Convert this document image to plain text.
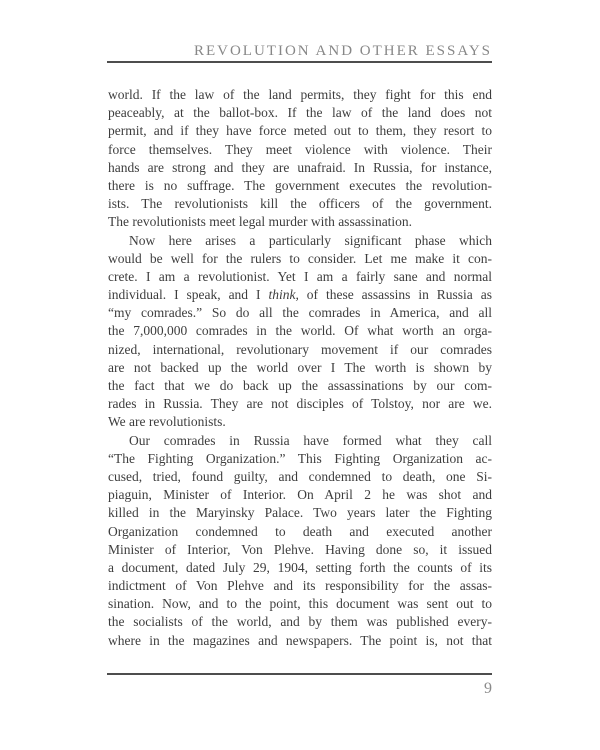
REVOLUTION AND OTHER ESSAYS
world. If the law of the land permits, they fight for this end
peaceably, at the ballot-box. If the law of the land does not
permit, and if they have force meted out to them, they resort to
force themselves. They meet violence with violence. Their
hands are strong and they are unafraid. In Russia, for instance,
there is no suffrage. The government executes the revolution-
ists. The revolutionists kill the officers of the government.
The revolutionists meet legal murder with assassination.
Now here arises a particularly significant phase which
would be well for the rulers to consider. Let me make it con-
crete. I am a revolutionist. Yet I am a fairly sane and normal
individual. I speak, and I think, of these assassins in Russia as
“my comrades.” So do all the comrades in America, and all
the 7,000,000 comrades in the world. Of what worth an orga-
nized, international, revolutionary movement if our comrades
are not backed up the world over I The worth is shown by
the fact that we do back up the assassinations by our com-
rades in Russia. They are not disciples of Tolstoy, nor are we.
We are revolutionists.
Our comrades in Russia have formed what they call
“The Fighting Organization.” This Fighting Organization ac-
cused, tried, found guilty, and condemned to death, one Si-
piaguin, Minister of Interior. On April 2 he was shot and
killed in the Maryinsky Palace. Two years later the Fighting
Organization condemned to death and executed another
Minister of Interior, Von Plehve. Having done so, it issued
a document, dated July 29, 1904, setting forth the counts of its
indictment of Von Plehve and its responsibility for the assas-
sination. Now, and to the point, this document was sent out to
the socialists of the world, and by them was published every-
where in the magazines and newspapers. The point is, not that
9
